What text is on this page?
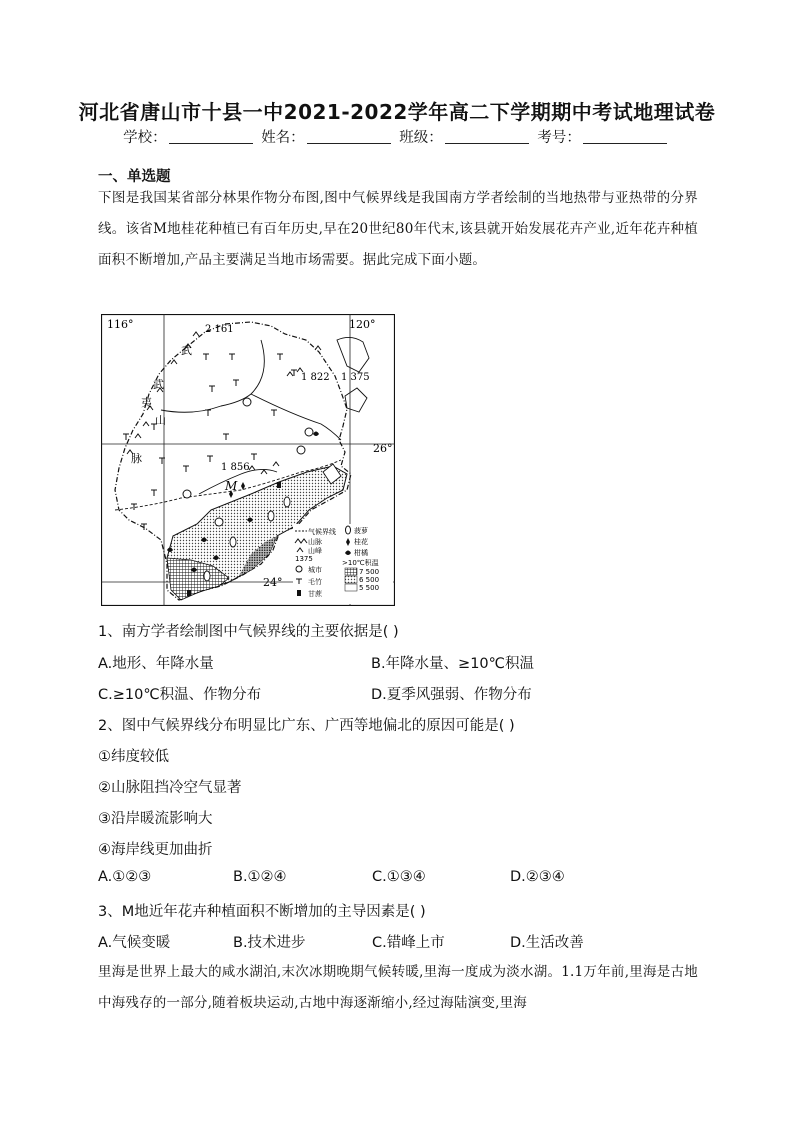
河北省唐山市十县一中2021-2022学年高二下学期期中考试地理试卷
学校：	姓名：	班级：	考号：
一、单选题
下图是我国某省部分林果作物分布图,图中气候界线是我国南方学者绘制的当地热带与亚热带的分界线。该省M地桂花种植已有百年历史,早在20世纪80年代末,该县就开始发展花卉产业,近年花卉种植面积不断增加,产品主要满足当地市场需要。据此完成下面小题。
116°	120°
26°
24°
2 161
1 822 1 375
1 856
武
武
山
脉
夷
M
气候界线
山脉
山峰
1375
城市
毛竹
甘蔗
菠萝
桂花
柑橘
>10℃积温
7 500
6 500
5 500
1、南方学者绘制图中气候界线的主要依据是( )
A.地形、年降水量	B.年降水量、≥10℃积温
C.≥10℃积温、作物分布	D.夏季风强弱、作物分布
2、图中气候界线分布明显比广东、广西等地偏北的原因可能是( )
①纬度较低
②山脉阻挡冷空气显著
③沿岸暖流影响大
④海岸线更加曲折
A.①②③	B.①②④	C.①③④	D.②③④
3、M地近年花卉种植面积不断增加的主导因素是( )
A.气候变暖	B.技术进步	C.错峰上市	D.生活改善
里海是世界上最大的咸水湖泊,末次冰期晚期气候转暖,里海一度成为淡水湖。1.1万年前,里海是古地中海残存的一部分,随着板块运动,古地中海逐渐缩小,经过海陆演变,里海
